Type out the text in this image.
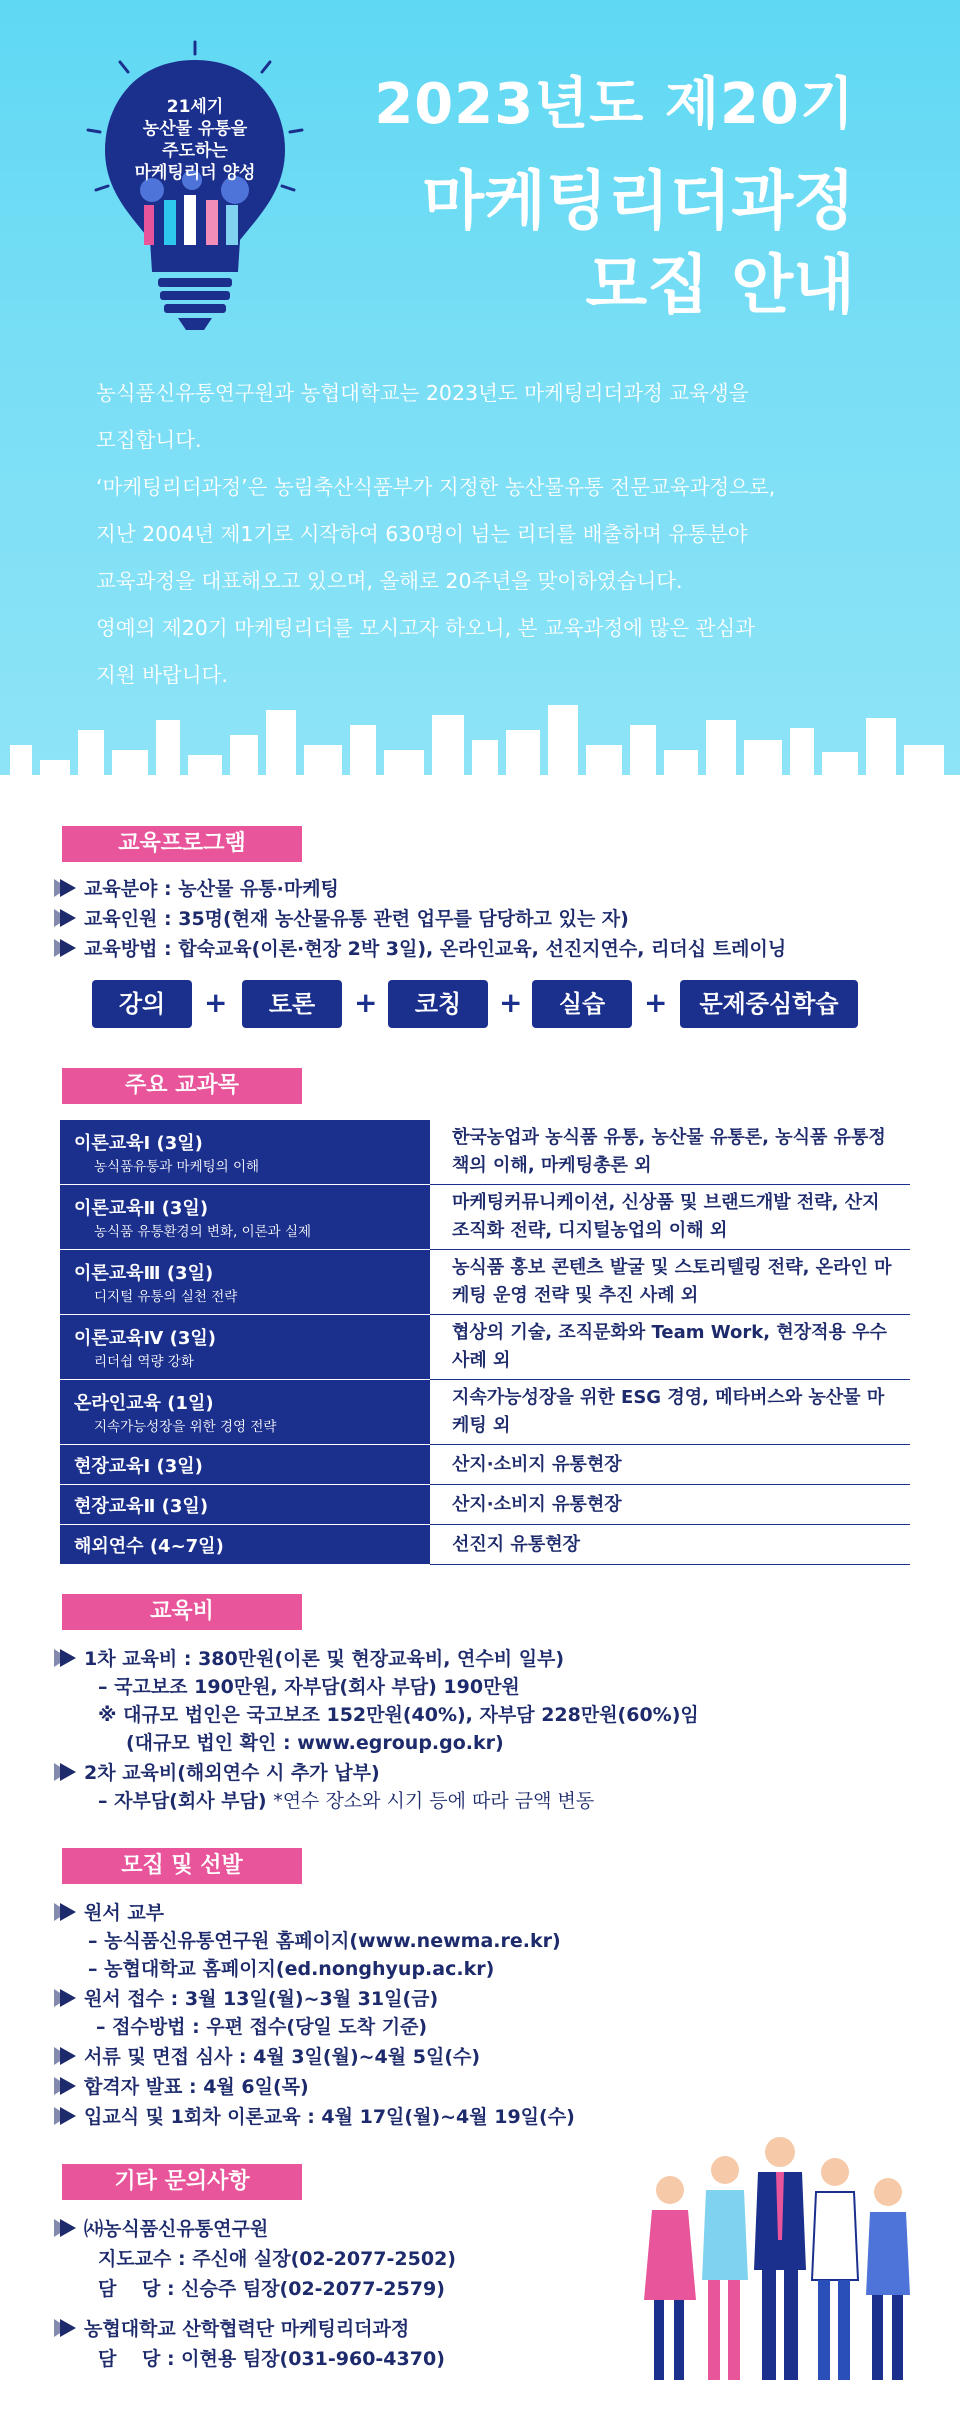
21세기
농산물 유통을
주도하는
마케팅리더 양성
2023년도 제20기
마케팅리더과정
모집 안내

농식품신유통연구원과 농협대학교는 2023년도 마케팅리더과정 교육생을

모집합니다.

‘마케팅리더과정’은 농림축산식품부가 지정한 농산물유통 전문교육과정으로,

지난 2004년 제1기로 시작하여 630명이 넘는 리더를 배출하며 유통분야

교육과정을 대표해오고 있으며, 올해로 20주년을 맞이하였습니다.

영예의 제20기 마케팅리더를 모시고자 하오니, 본 교육과정에 많은 관심과

지원 바랍니다.

교육프로그램
교육분야 : 농산물 유통·마케팅
교육인원 : 35명(현재 농산물유통 관련 업무를 담당하고 있는 자)
교육방법 : 합숙교육(이론·현장 2박 3일), 온라인교육, 선진지연수, 리더십 트레이닝
강의	+	토론	+	코칭	+	실습	+	문제중심학습
주요 교과목
이론교육Ⅰ (3일)
농식품유통과 마케팅의 이해	한국농업과 농식품 유통, 농산물 유통론, 농식품 유통정책의 이해, 마케팅총론 외

이론교육Ⅱ (3일)
농식품 유통환경의 변화, 이론과 실제	마케팅커뮤니케이션, 신상품 및 브랜드개발 전략, 산지조직화 전략, 디지털농업의 이해 외

이론교육Ⅲ (3일)
디지털 유통의 실천 전략	농식품 홍보 콘텐츠 발굴 및 스토리텔링 전략, 온라인 마케팅 운영 전략 및 추진 사례 외

이론교육Ⅳ (3일)
리더쉽 역량 강화	협상의 기술, 조직문화와 Team Work, 현장적용 우수사례 외

온라인교육 (1일)
지속가능성장을 위한 경영 전략	지속가능성장을 위한 ESG 경영, 메타버스와 농산물 마케팅 외

현장교육Ⅰ (3일)	산지·소비지 유통현장

현장교육Ⅱ (3일)	산지·소비지 유통현장

해외연수 (4~7일)	선진지 유통현장
교육비
1차 교육비 : 380만원(이론 및 현장교육비, 연수비 일부)
– 국고보조 190만원, 자부담(회사 부담) 190만원
※ 대규모 법인은 국고보조 152만원(40%), 자부담 228만원(60%)임
(대규모 법인 확인 : www.egroup.go.kr)
2차 교육비(해외연수 시 추가 납부)
– 자부담(회사 부담) *연수 장소와 시기 등에 따라 금액 변동
모집 및 선발
원서 교부
– 농식품신유통연구원 홈페이지(www.newma.re.kr)
– 농협대학교 홈페이지(ed.nonghyup.ac.kr)
원서 접수 : 3월 13일(월)~3월 31일(금)
– 접수방법 : 우편 접수(당일 도착 기준)
서류 및 면접 심사 : 4월 3일(월)~4월 5일(수)
합격자 발표 : 4월 6일(목)
입교식 및 1회차 이론교육 : 4월 17일(월)~4월 19일(수)
기타 문의사항
㈔농식품신유통연구원
지도교수 : 주신애 실장(02-2077-2502)
담　 당 : 신승주 팀장(02-2077-2579)
농협대학교 산학협력단 마케팅리더과정
담　 당 : 이현용 팀장(031-960-4370)
